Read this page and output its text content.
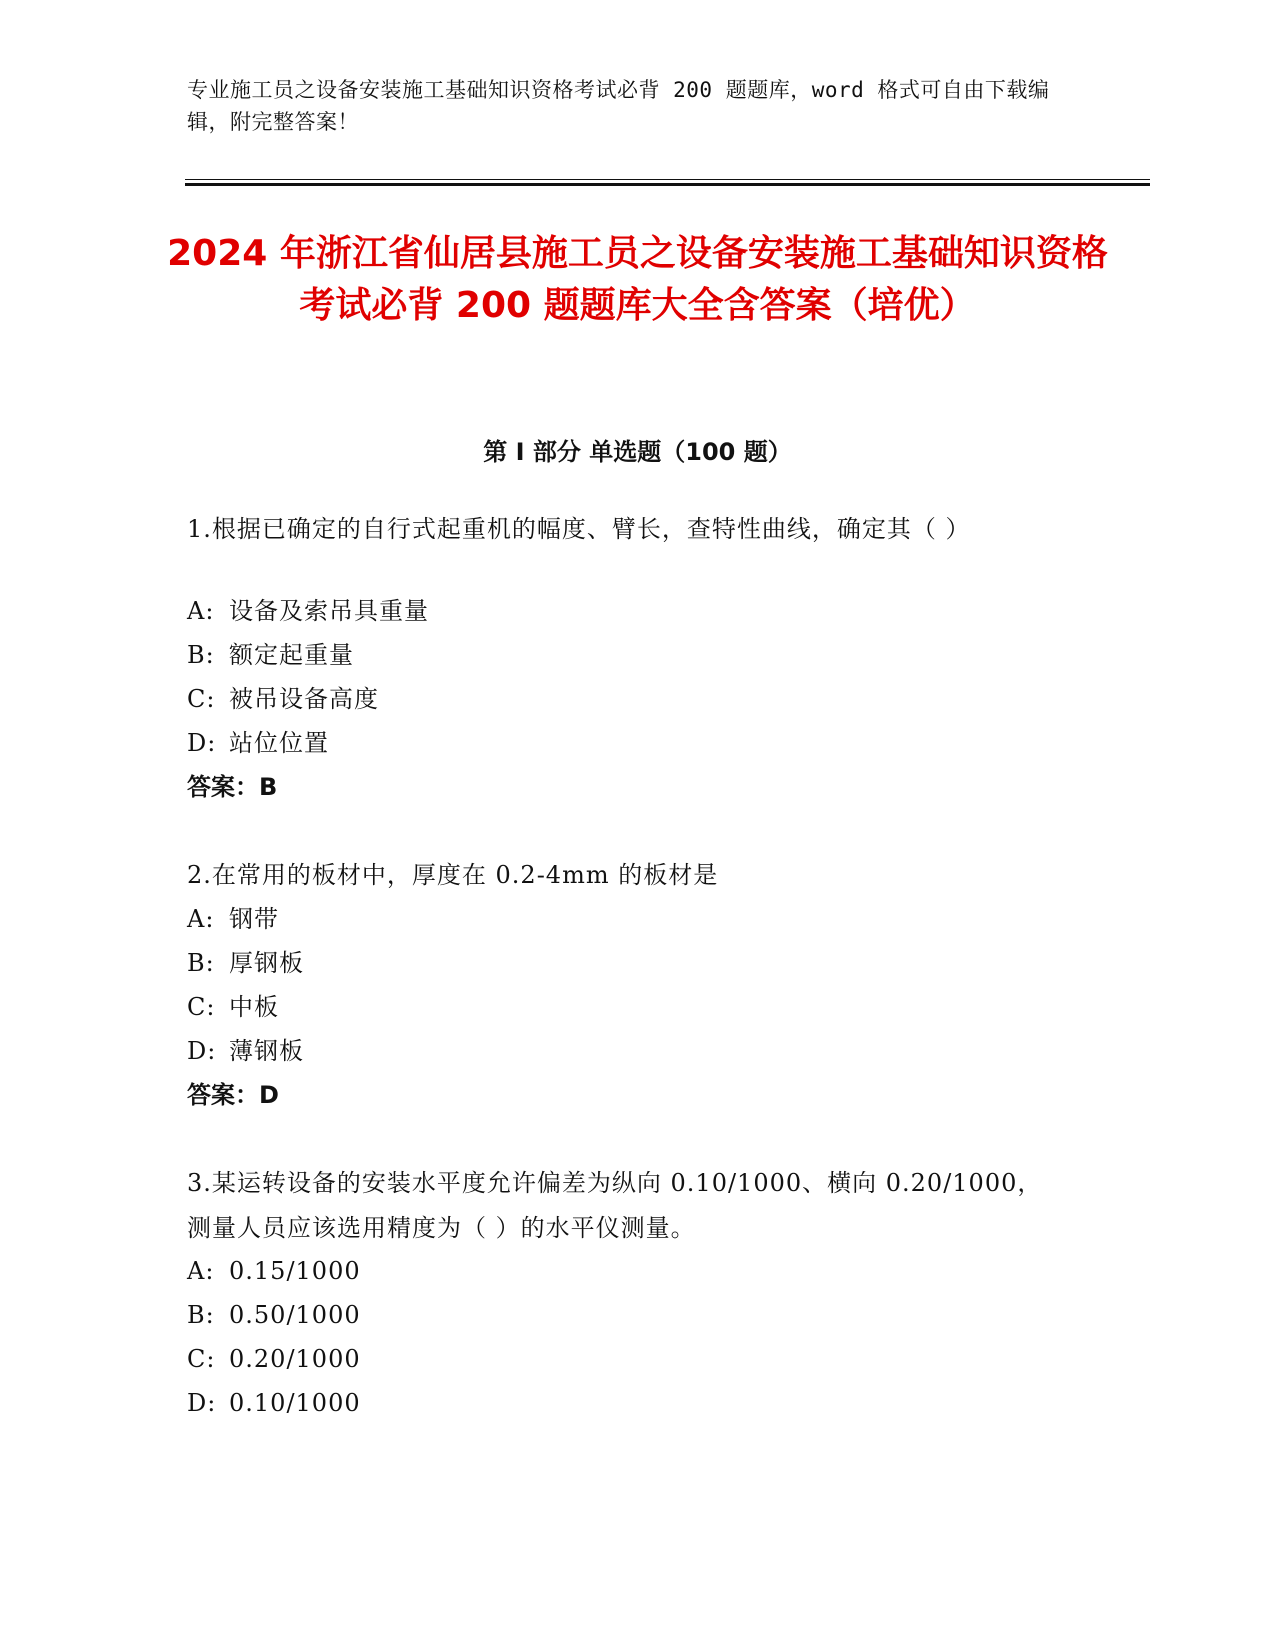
专业施工员之设备安装施工基础知识资格考试必背 200 题题库，word 格式可自由下载编辑，附完整答案！
2024 年浙江省仙居县施工员之设备安装施工基础知识资格考试必背 200 题题库大全含答案（培优）
第 I 部分 单选题（100 题）
1.根据已确定的自行式起重机的幅度、臂长，查特性曲线，确定其（ ）
A: 设备及索吊具重量
B: 额定起重量
C: 被吊设备高度
D: 站位位置
答案：B
2.在常用的板材中，厚度在 0.2-4mm 的板材是
A: 钢带
B: 厚钢板
C: 中板
D: 薄钢板
答案：D
3.某运转设备的安装水平度允许偏差为纵向 0.10/1000、横向 0.20/1000，测量人员应该选用精度为（ ）的水平仪测量。
A: 0.15/1000
B: 0.50/1000
C: 0.20/1000
D: 0.10/1000
